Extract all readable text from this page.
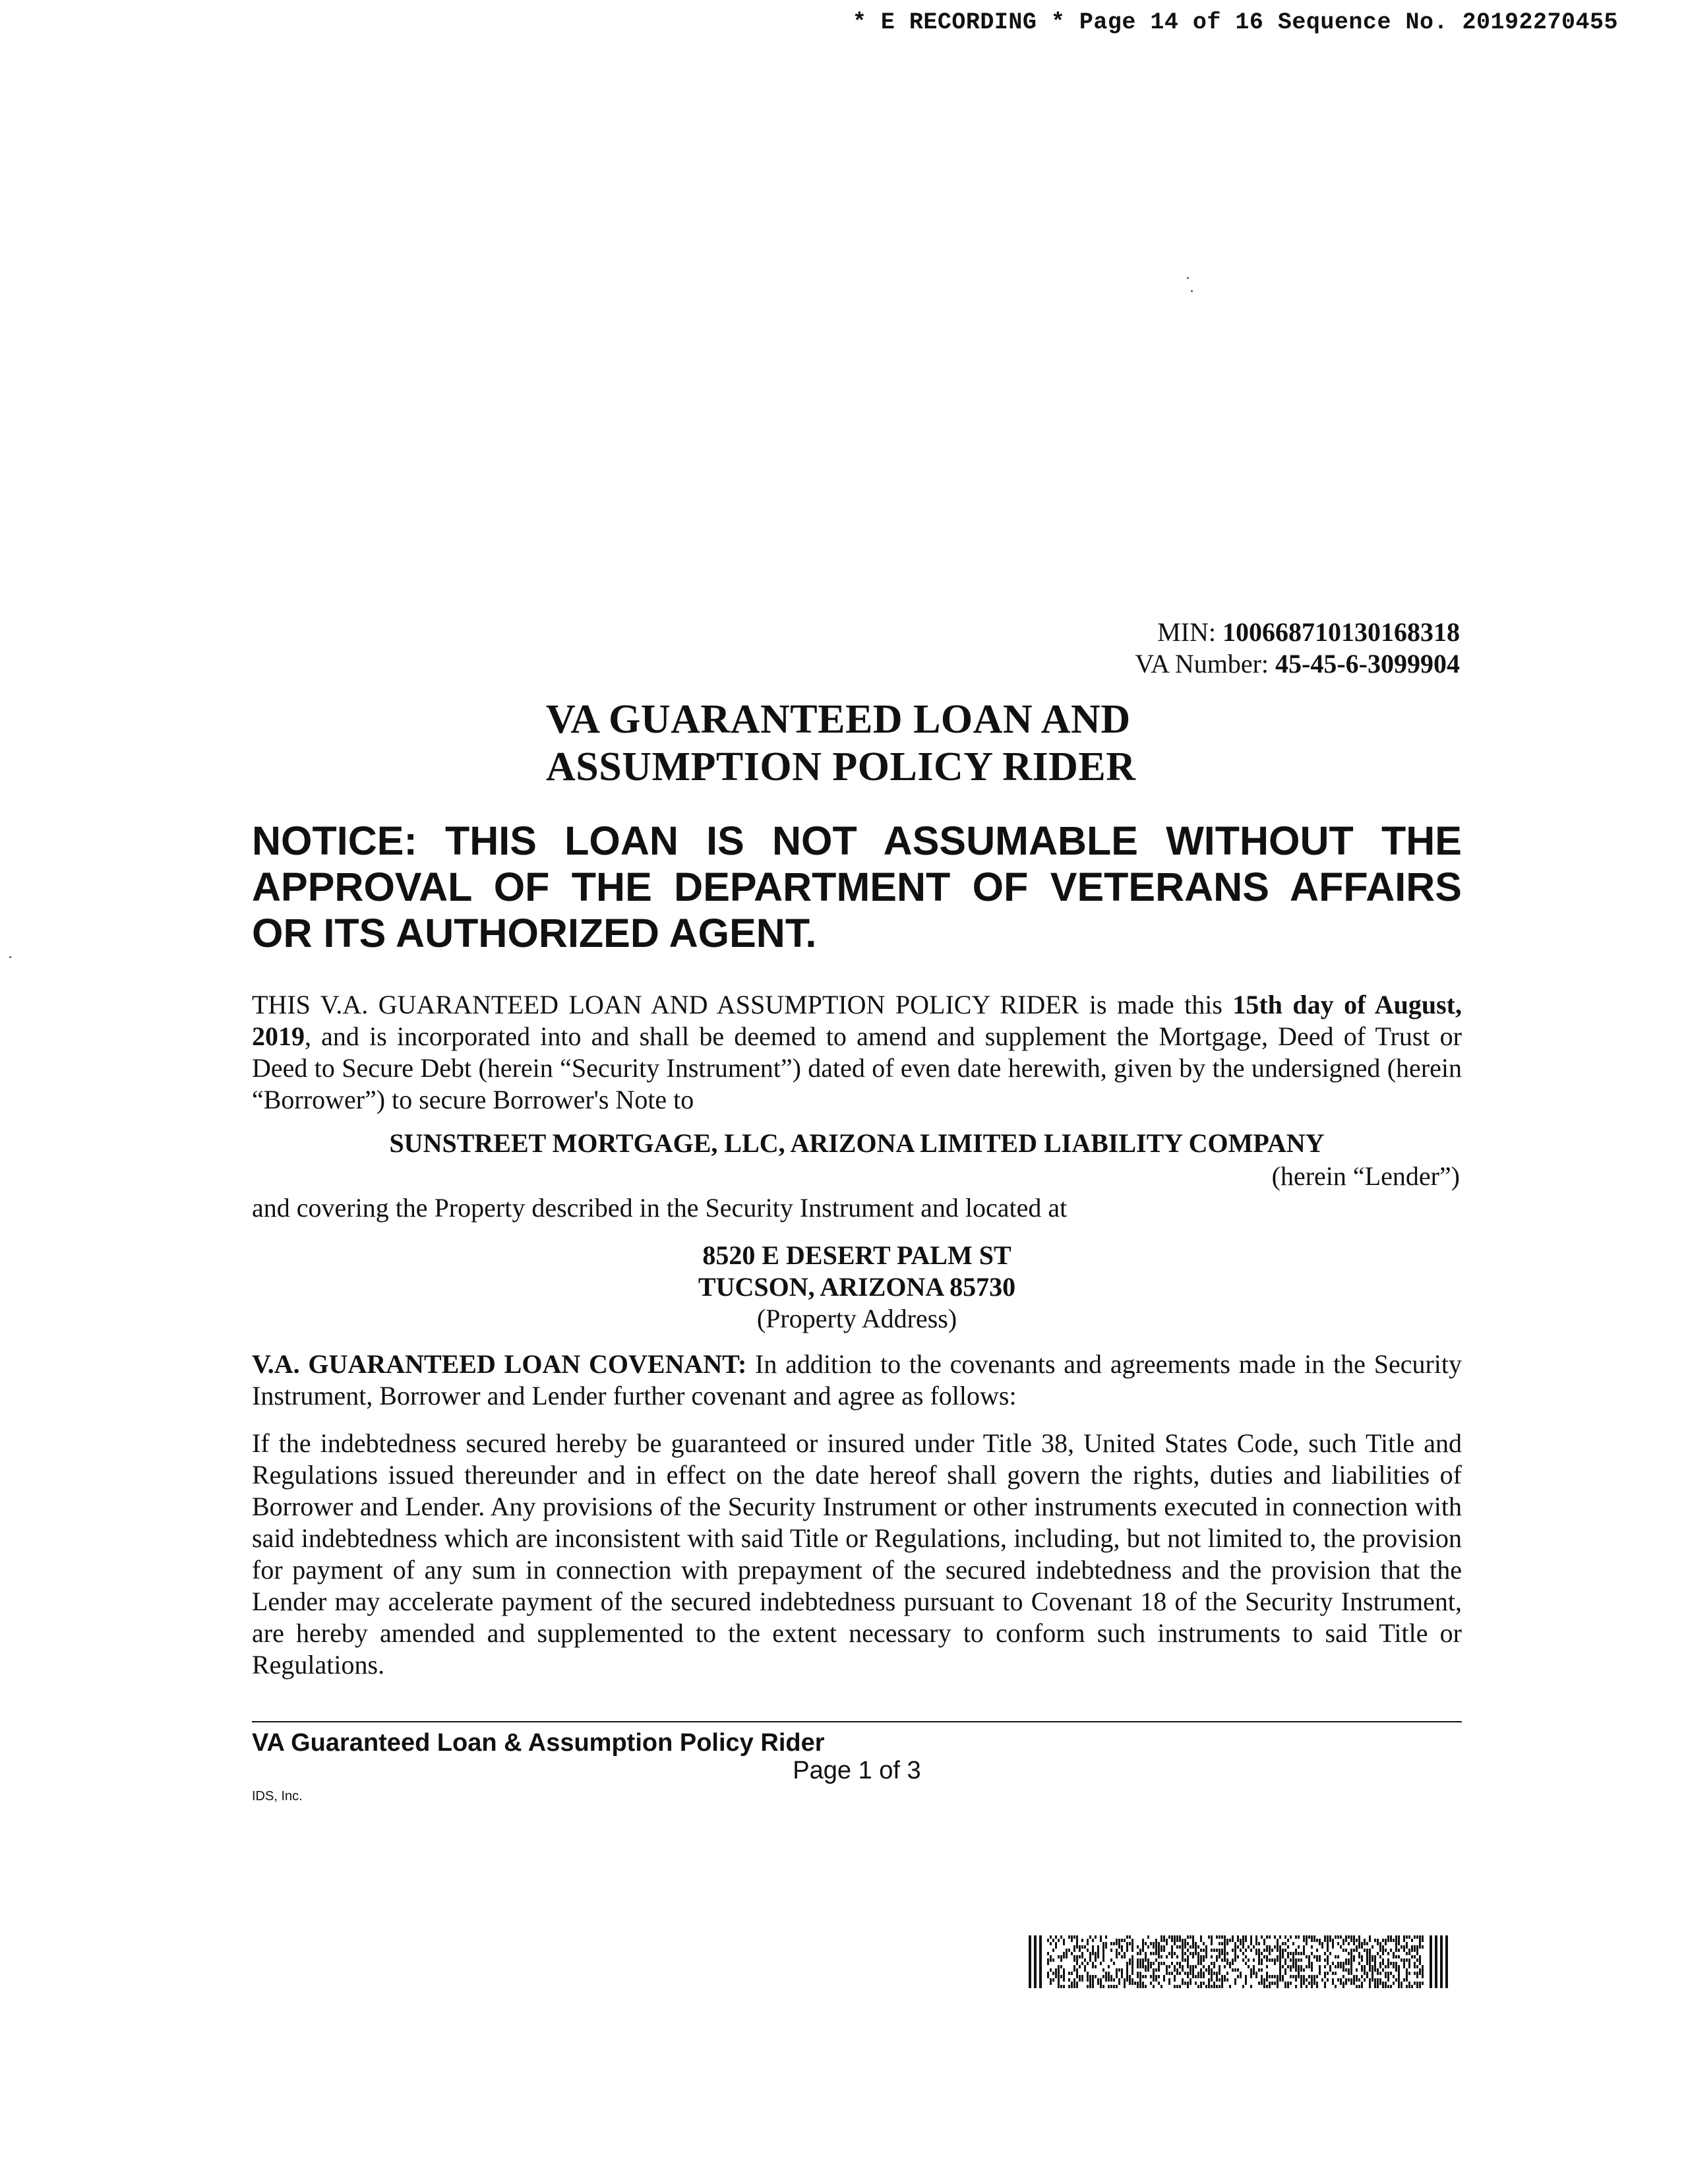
* E RECORDING * Page 14 of 16 Sequence No. 20192270455
MIN: 100668710130168318
VA Number: 45-45-6-3099904
VA GUARANTEED LOAN AND
ASSUMPTION POLICY RIDER
NOTICE: THIS LOAN IS NOT ASSUMABLE WITHOUT THE APPROVAL OF THE DEPARTMENT OF VETERANS AFFAIRS OR ITS AUTHORIZED AGENT.
THIS V.A. GUARANTEED LOAN AND ASSUMPTION POLICY RIDER is made this 15th day of August, 2019, and is incorporated into and shall be deemed to amend and supplement the Mortgage, Deed of Trust or Deed to Secure Debt (herein “Security Instrument”) dated of even date herewith, given by the undersigned (herein “Borrower”) to secure Borrower's Note to
SUNSTREET MORTGAGE, LLC, ARIZONA LIMITED LIABILITY COMPANY
(herein “Lender”)
and covering the Property described in the Security Instrument and located at
8520 E DESERT PALM ST
TUCSON, ARIZONA 85730
(Property Address)
V.A. GUARANTEED LOAN COVENANT: In addition to the covenants and agreements made in the Security Instrument, Borrower and Lender further covenant and agree as follows:
If the indebtedness secured hereby be guaranteed or insured under Title 38, United States Code, such Title and Regulations issued thereunder and in effect on the date hereof shall govern the rights, duties and liabilities of Borrower and Lender. Any provisions of the Security Instrument or other instruments executed in connection with said indebtedness which are inconsistent with said Title or Regulations, including, but not limited to, the provision for payment of any sum in connection with prepayment of the secured indebtedness and the provision that the Lender may accelerate payment of the secured indebtedness pursuant to Covenant 18 of the Security Instrument, are hereby amended and supplemented to the extent necessary to conform such instruments to said Title or Regulations.
VA Guaranteed Loan & Assumption Policy Rider
Page 1 of 3
IDS, Inc.
